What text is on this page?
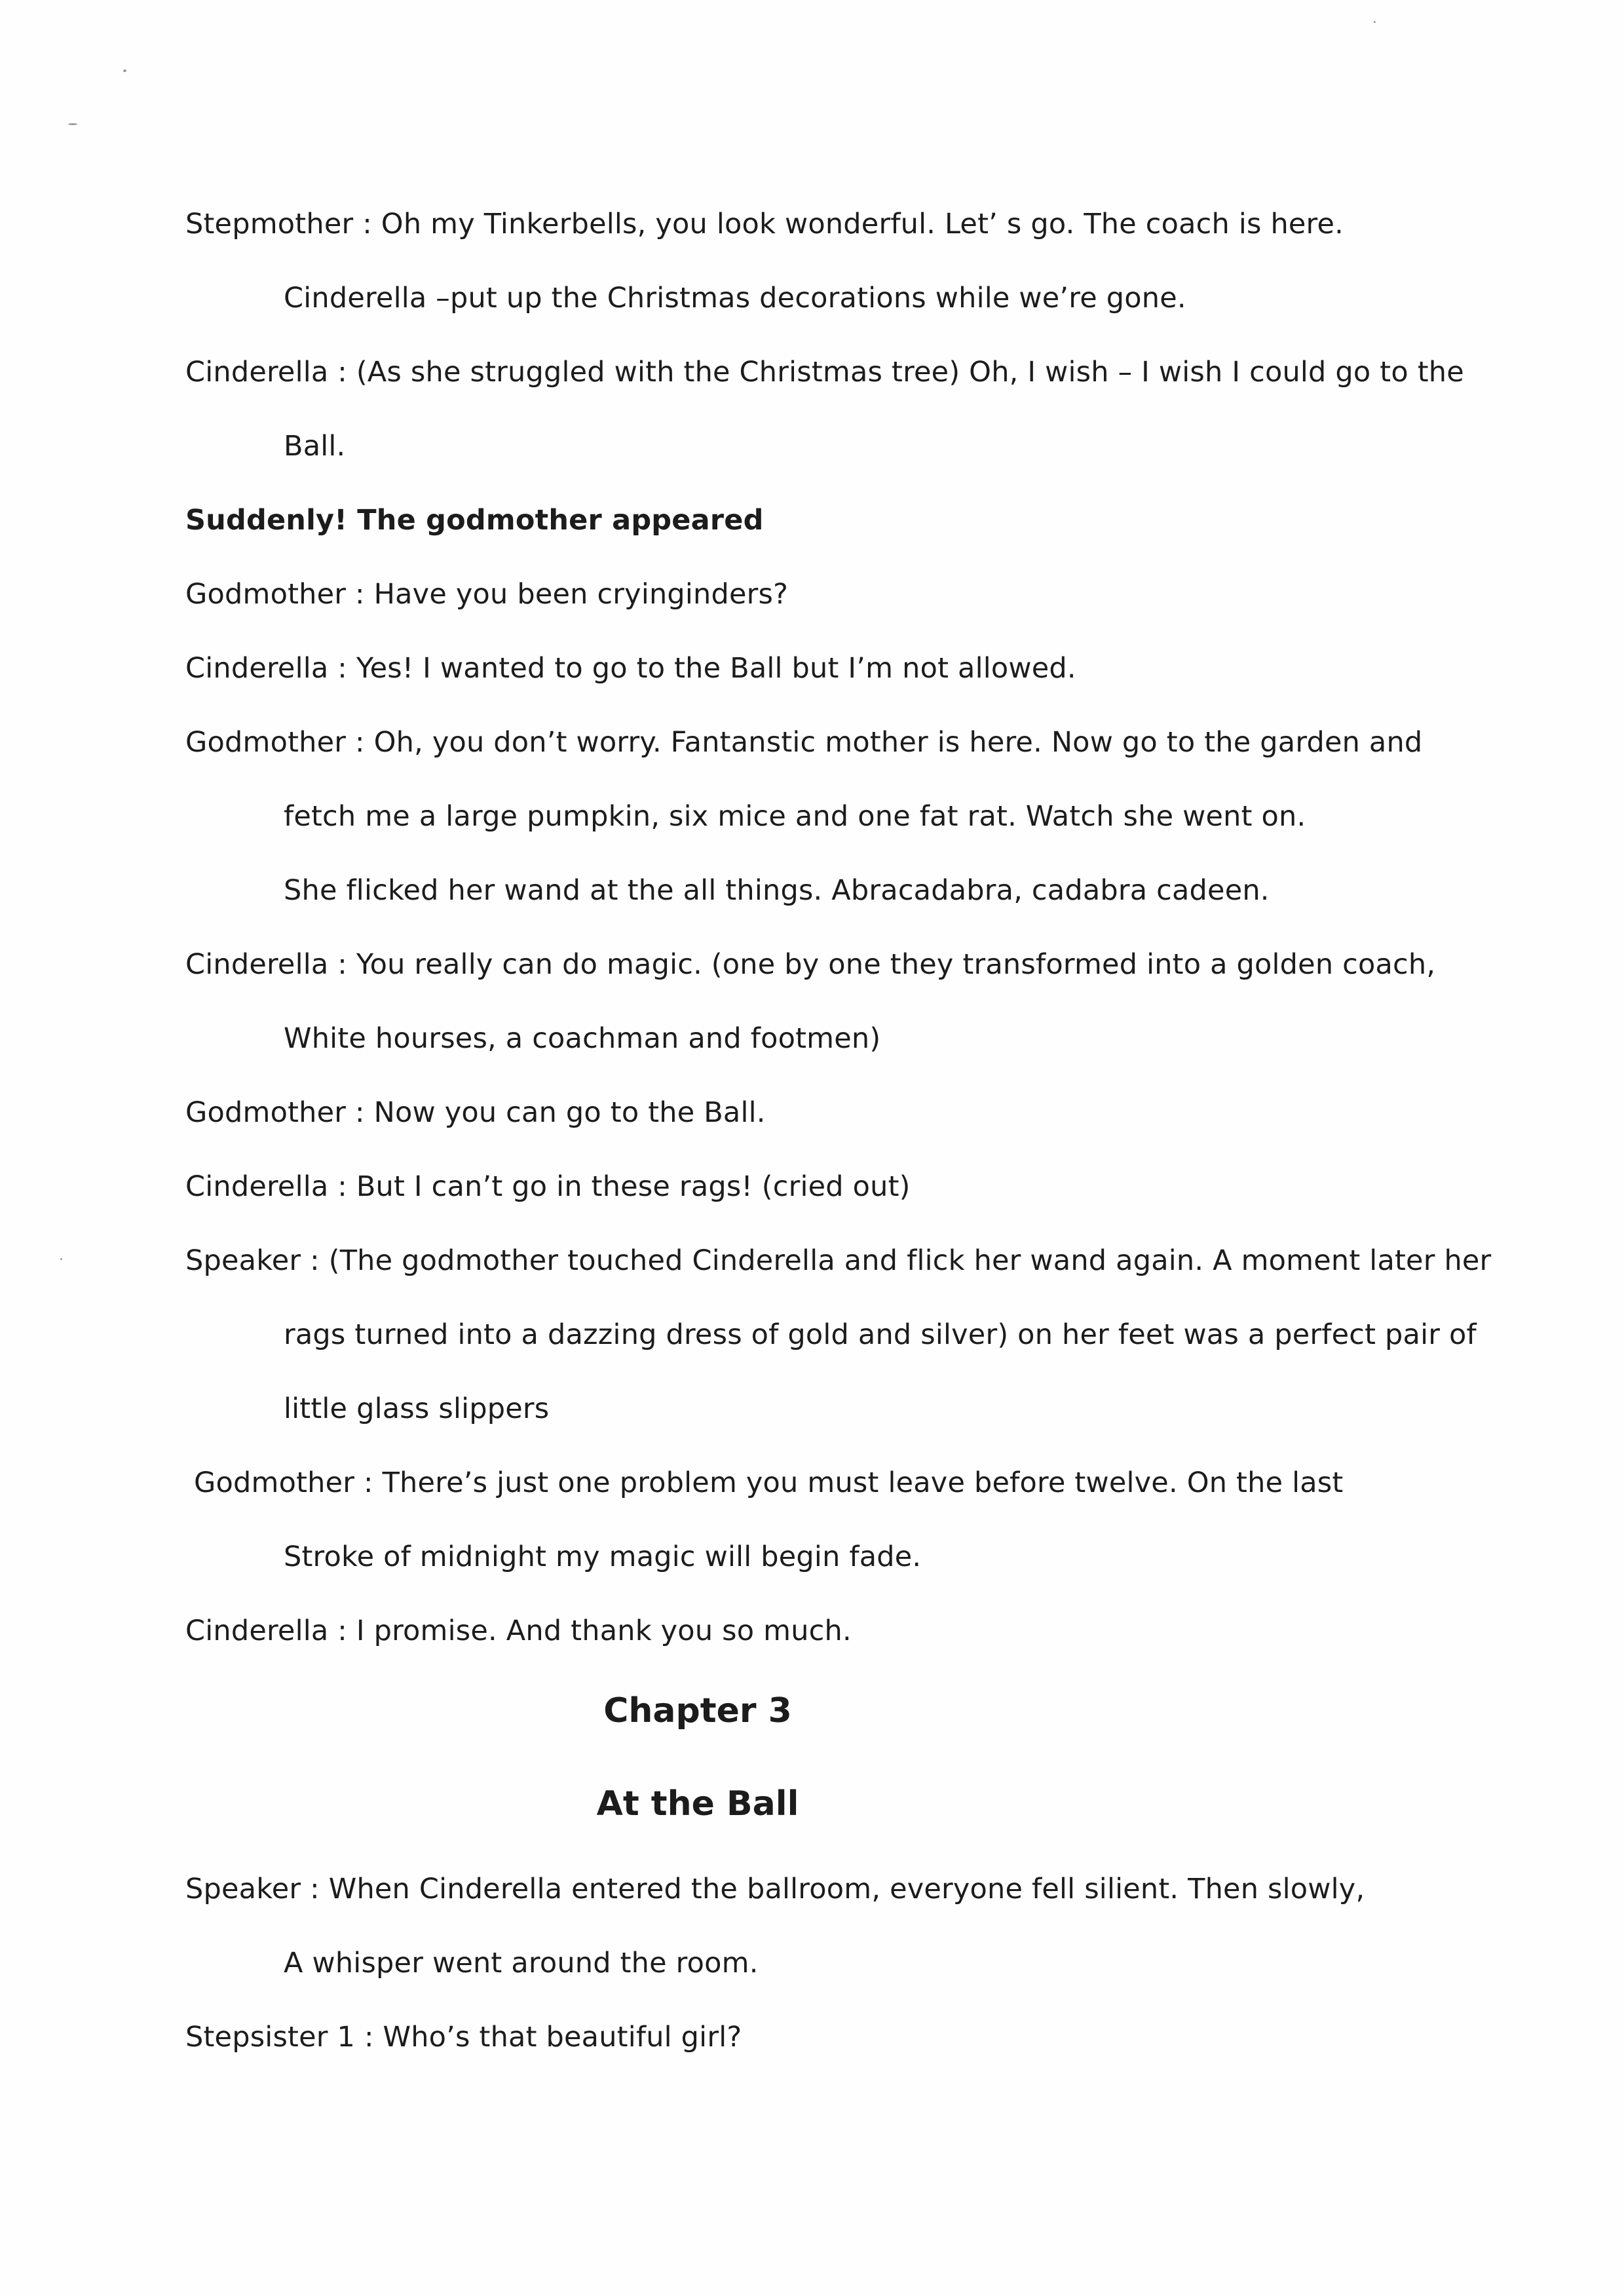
Stepmother : Oh my Tinkerbells, you look wonderful. Let’ s go. The coach is here.
Cinderella –put up the Christmas decorations while we’re gone.
Cinderella : (As she struggled with the Christmas tree) Oh, I wish – I wish I could go to the
Ball.
Suddenly! The godmother appeared
Godmother : Have you been cryinginders?
Cinderella : Yes! I wanted to go to the Ball but I’m not allowed.
Godmother : Oh, you don’t worry. Fantanstic mother is here. Now go to the garden and
fetch me a large pumpkin, six mice and one fat rat. Watch she went on.
She flicked her wand at the all things. Abracadabra, cadabra cadeen.
Cinderella : You really can do magic. (one by one they transformed into a golden coach,
White hourses, a coachman and footmen)
Godmother : Now you can go to the Ball.
Cinderella : But I can’t go in these rags! (cried out)
Speaker : (The godmother touched Cinderella and flick her wand again. A moment later her
rags turned into a dazzing dress of gold and silver) on her feet was a perfect pair of
little glass slippers
Godmother : There’s just one problem you must leave before twelve. On the last
Stroke of midnight my magic will begin fade.
Cinderella : I promise. And thank you so much.
Chapter 3
At the Ball
Speaker : When Cinderella entered the ballroom, everyone fell silient. Then slowly,
A whisper went around the room.
Stepsister 1 : Who’s that beautiful girl?
